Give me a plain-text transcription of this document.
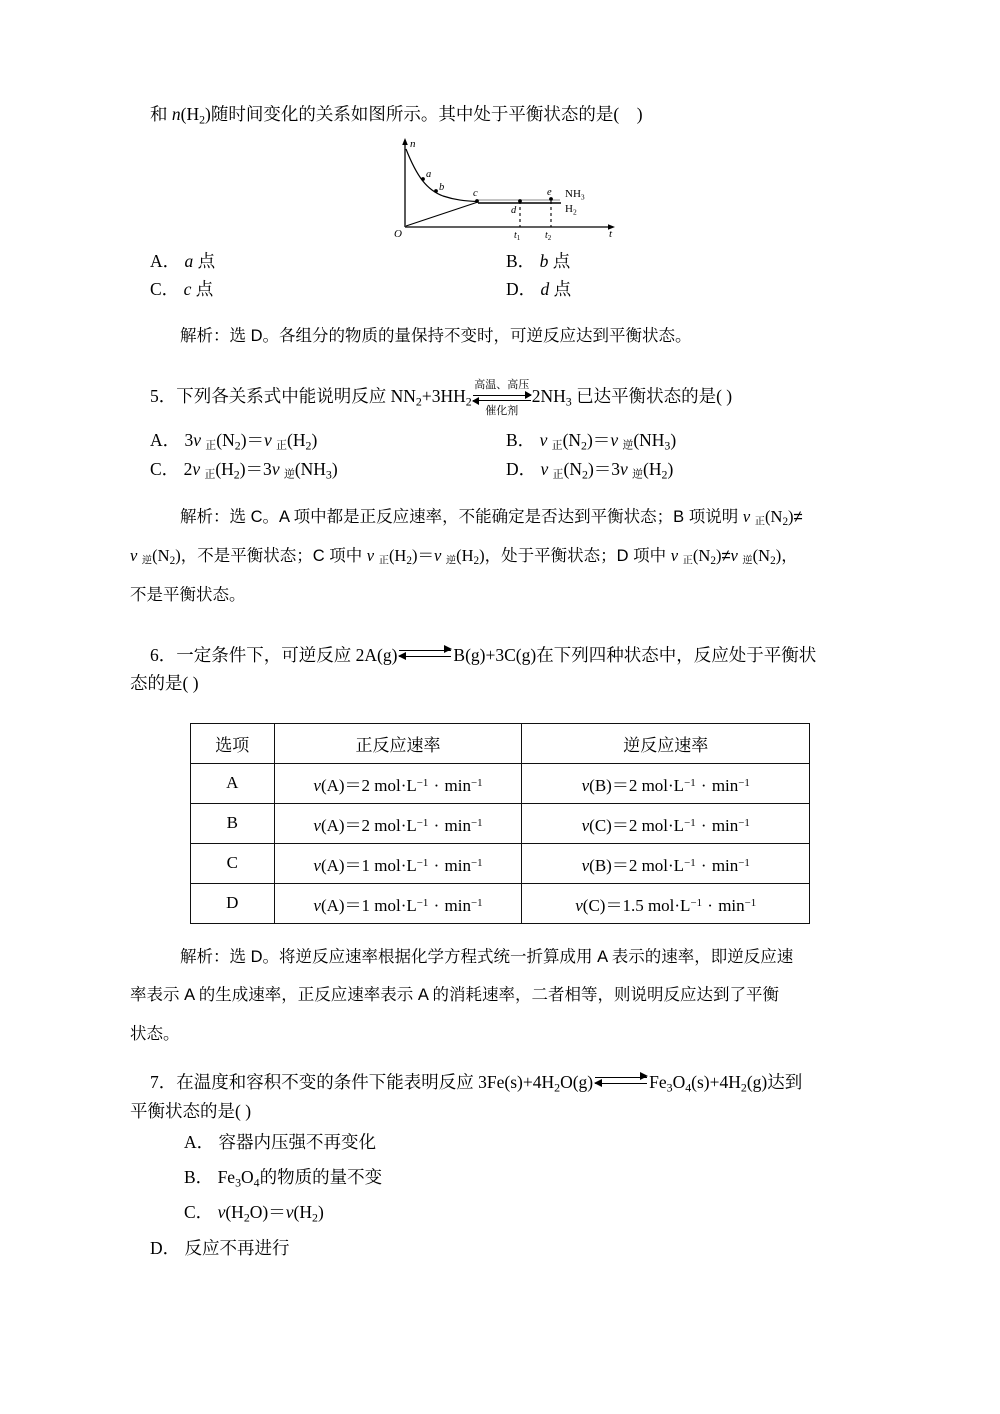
和 $n(H_2)$随时间变化的关系如图所示。其中处于平衡状态的是(    )
n
t
O
a
b
c
d
e $NH_3$
$H_2$
$t_1$ $t_2$
A． a 点	B． b 点
C． c 点	D． d 点
解析：选 D。各组分的物质的量保持不变时，可逆反应达到平衡状态。
5．下列各关系式中能说明反应 $NN_2+3HH_2$
高温、高压
催化剂
$2NH_3$ 已达平衡状态的是( )
A． 3v 正$(N_2)=v$ 正$(H_2)$	B． v 正$(N_2)=v$ 逆$(NH_3)$
C． 2v 正$(H_2)=3v$ 逆$(NH_3)$	D． v 正$(N_2)=3v$ 逆$(H_2)$
解析：选 C。A 项中都是正反应速率，不能确定是否达到平衡状态；B 项说明 v 正$(N_2)\ne$
v 逆$(N_2)$，不是平衡状态；C 项中 v 正$(H_2)=v$ 逆$(H_2)$，处于平衡状态；D 项中 v 正$(N_2)\ne v$ 逆$(N_2)$，
不是平衡状态。
6．一定条件下，可逆反应 2A(g)	B(g)+3C(g)在下列四种状态中，反应处于平衡状
态的是( )
选项	正反应速率	逆反应速率
A	v(A)＝2 $mol\cdot L^{-1} \cdot \min^{-1}$	v(B)＝2 $mol\cdot L^{-1} \cdot \min^{-1}$
B	v(A)＝2 $mol\cdot L^{-1} \cdot \min^{-1}$	v(C)＝2 $mol\cdot L^{-1} \cdot \min^{-1}$
C	v(A)＝1 $mol\cdot L^{-1} \cdot \min^{-1}$	v(B)＝2 $mol\cdot L^{-1} \cdot \min^{-1}$
D	v(A)＝1 $mol\cdot L^{-1} \cdot \min^{-1}$	v(C)＝1.5 $mol\cdot L^{-1} \cdot \min^{-1}$
解析：选 D。将逆反应速率根据化学方程式统一折算成用 A 表示的速率，即逆反应速
率表示 A 的生成速率，正反应速率表示 A 的消耗速率，二者相等，则说明反应达到了平衡
状态。
7．在温度和容积不变的条件下能表明反应 $3Fe(s)+4H_2O(g)$	$Fe_3O_4(s)+4H_2(g)$达到
平衡状态的是( )
A． 容器内压强不再变化
B． $Fe_3O_4$的物质的量不变
C． $v(H_2O)=v(H_2)$
D． 反应不再进行
